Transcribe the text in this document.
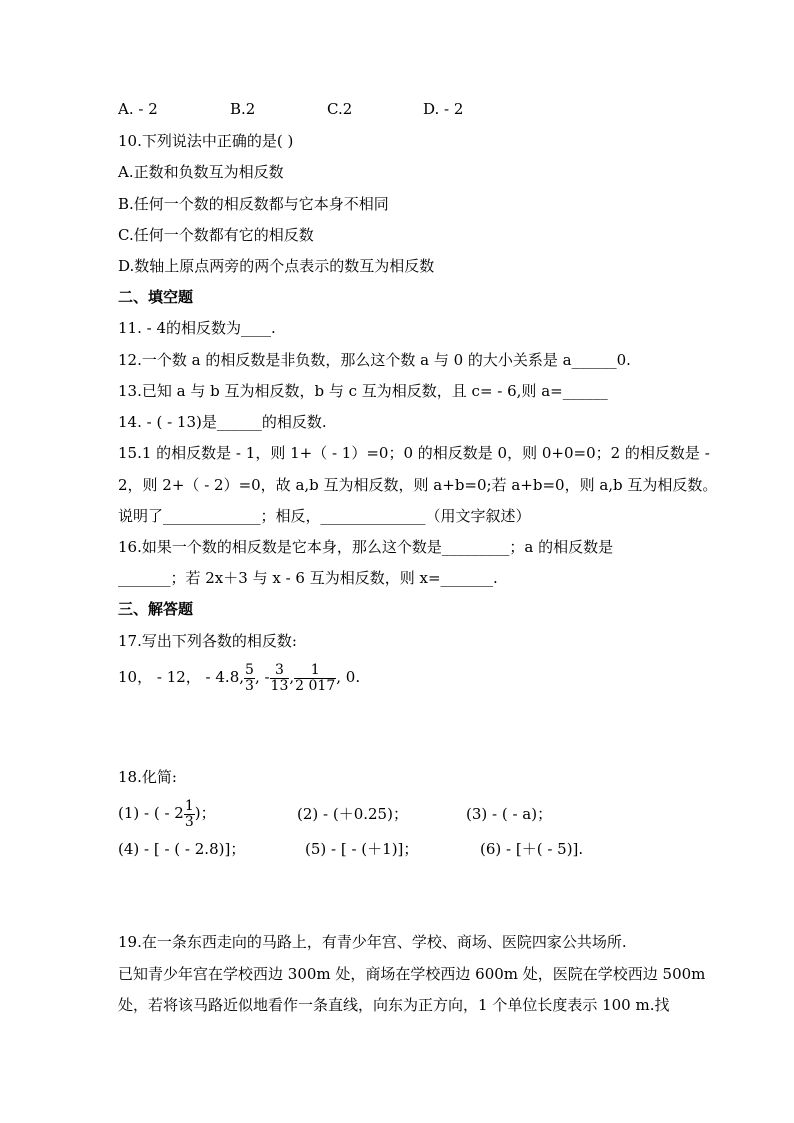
A. - 2	B.2	C.2	D. - 2
10.下列说法中正确的是( )
A.正数和负数互为相反数
B.任何一个数的相反数都与它本身不相同
C.任何一个数都有它的相反数
D.数轴上原点两旁的两个点表示的数互为相反数
二、填空题
11. - 4的相反数为____.
12.一个数 a 的相反数是非负数，那么这个数 a 与 0 的大小关系是 a______0.
13.已知 a 与 b 互为相反数，b 与 c 互为相反数，且 c= - 6,则 a=______
14. - ( - 13)是______的相反数.
15.1 的相反数是 - 1，则 1+（ - 1）=0；0 的相反数是 0，则 0+0=0；2 的相反数是 -
2，则 2+（ - 2）=0，故 a,b 互为相反数，则 a+b=0;若 a+b=0，则 a,b 互为相反数。
说明了_____________；相反，______________（用文字叙述）
16.如果一个数的相反数是它本身，那么这个数是_________；a 的相反数是
_______；若 2x＋3 与 x - 6 互为相反数，则 x=_______.
三、解答题
17.写出下列各数的相反数:
10， - 12， - 4.8, $\frac{5}{3}$ , - $\frac{3}{13}$ , $\frac{1}{2 017}$ , 0.
18.化简:
(1) - ( - $2 \frac{1}{3}$ )；	(2) - (＋0.25)；	(3) - ( - a)；
(4) - [ - ( - 2.8)]；	(5) - [ - (＋1)]；	(6) - [＋( - 5)].
19.在一条东西走向的马路上，有青少年宫、学校、商场、医院四家公共场所.
已知青少年宫在学校西边 300m 处，商场在学校西边 600m 处，医院在学校西边 500m
处，若将该马路近似地看作一条直线，向东为正方向，1 个单位长度表示 100 m.找
